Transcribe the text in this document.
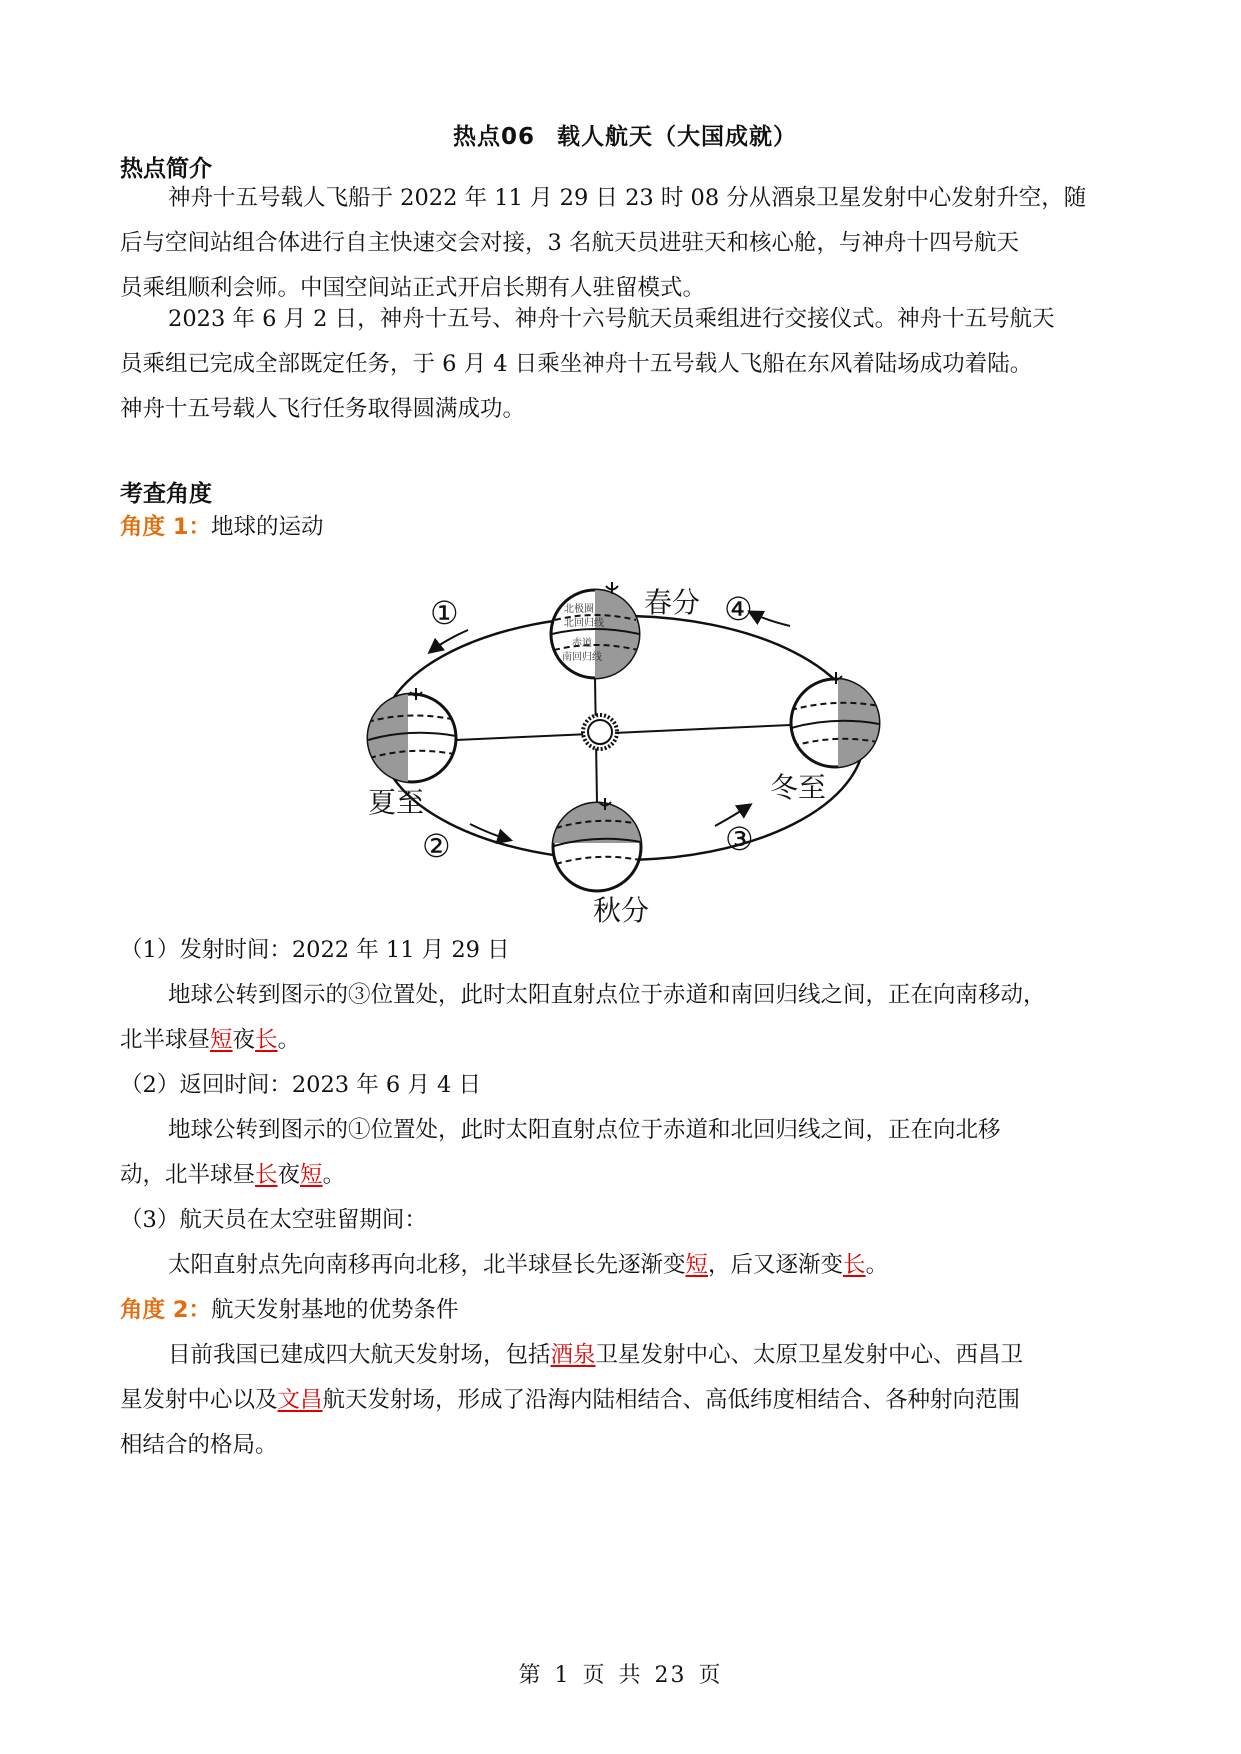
热点06 载人航天（大国成就）
热点简介
神舟十五号载人飞船于 2022 年 11 月 29 日 23 时 08 分从酒泉卫星发射中心发射升空，随
后与空间站组合体进行自主快速交会对接，3 名航天员进驻天和核心舱，与神舟十四号航天
员乘组顺利会师。中国空间站正式开启长期有人驻留模式。
2023 年 6 月 2 日，神舟十五号、神舟十六号航天员乘组进行交接仪式。神舟十五号航天
员乘组已完成全部既定任务，于 6 月 4 日乘坐神舟十五号载人飞船在东风着陆场成功着陆。
神舟十五号载人飞行任务取得圆满成功。
考查角度
角度 1：地球的运动
北极圈
北回归线
赤道
南回归线
春分
夏至	冬至
秋分
①
②	③
④
（1）发射时间：2022 年 11 月 29 日
地球公转到图示的③位置处，此时太阳直射点位于赤道和南回归线之间，正在向南移动，
北半球昼短夜长。
（2）返回时间：2023 年 6 月 4 日
地球公转到图示的①位置处，此时太阳直射点位于赤道和北回归线之间，正在向北移
动，北半球昼长夜短。
（3）航天员在太空驻留期间：
太阳直射点先向南移再向北移，北半球昼长先逐渐变短，后又逐渐变长。
角度 2：航天发射基地的优势条件
目前我国已建成四大航天发射场，包括酒泉卫星发射中心、太原卫星发射中心、西昌卫
星发射中心以及文昌航天发射场，形成了沿海内陆相结合、高低纬度相结合、各种射向范围
相结合的格局。
第 1 页 共 23 页
